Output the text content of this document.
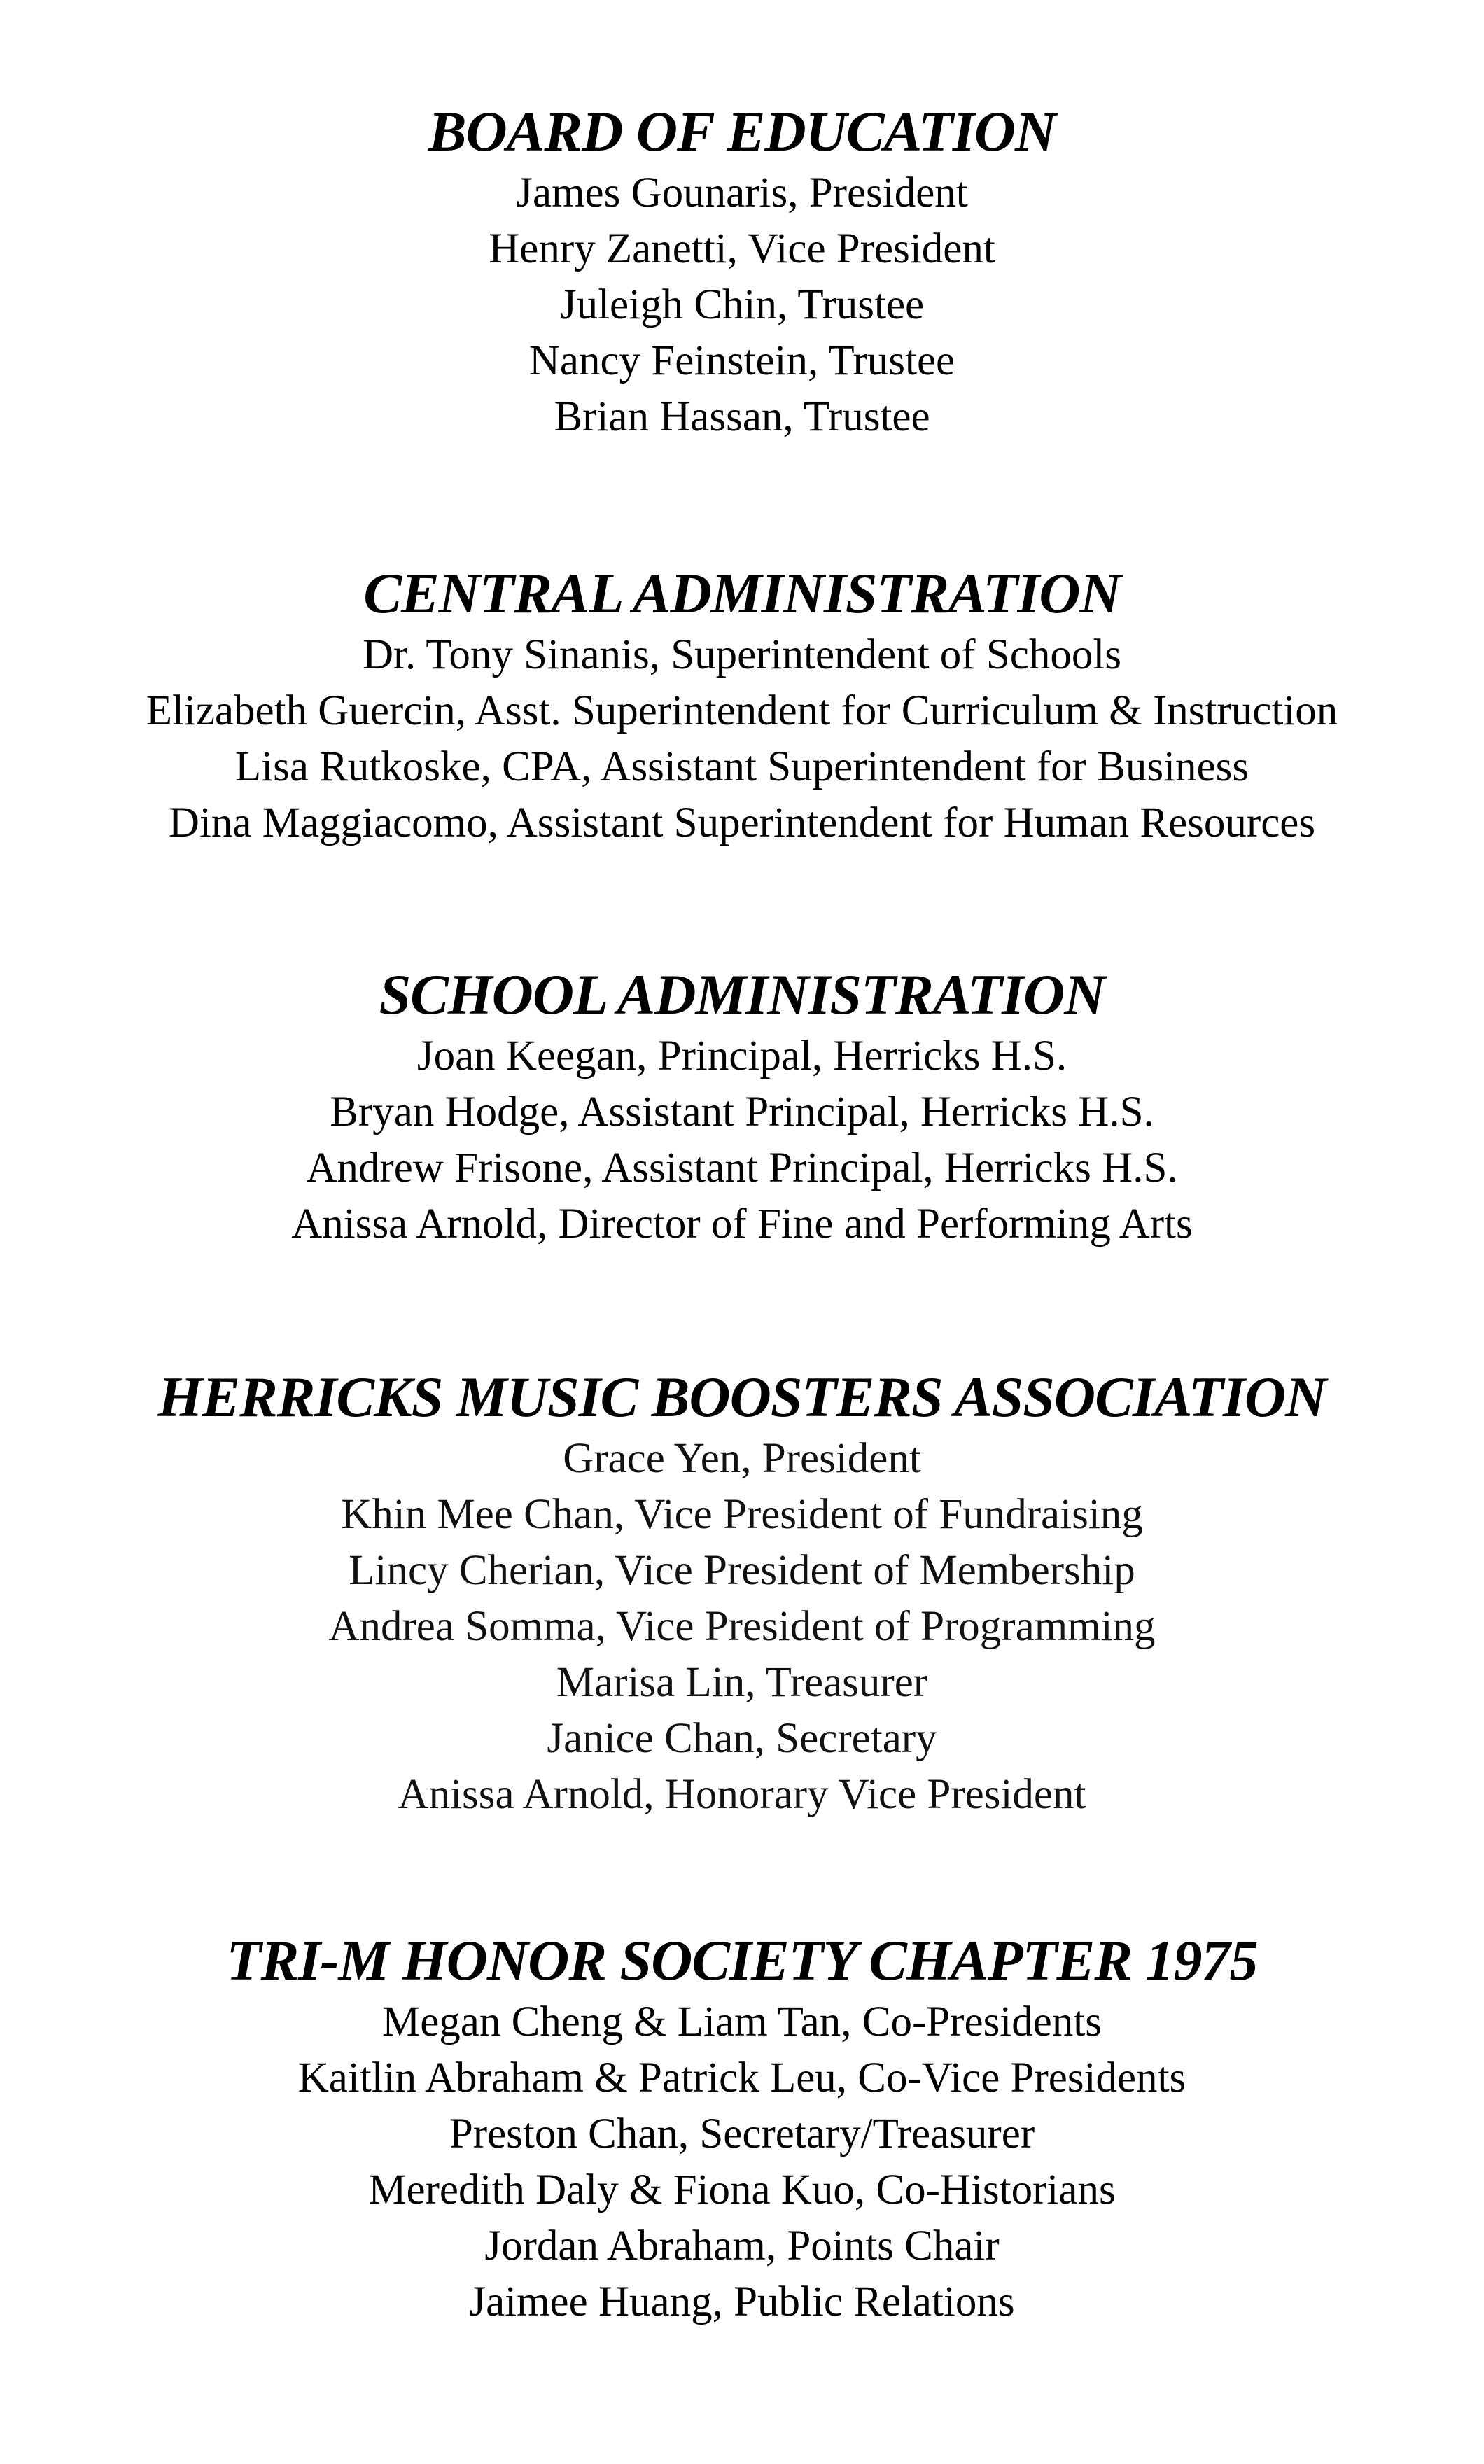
BOARD OF EDUCATION
James Gounaris, President
Henry Zanetti, Vice President
Juleigh Chin, Trustee
Nancy Feinstein, Trustee
Brian Hassan, Trustee
CENTRAL ADMINISTRATION
Dr. Tony Sinanis, Superintendent of Schools
Elizabeth Guercin, Asst. Superintendent for Curriculum & Instruction
Lisa Rutkoske, CPA, Assistant Superintendent for Business
Dina Maggiacomo, Assistant Superintendent for Human Resources
SCHOOL ADMINISTRATION
Joan Keegan, Principal, Herricks H.S.
Bryan Hodge, Assistant Principal, Herricks H.S.
Andrew Frisone, Assistant Principal, Herricks H.S.
Anissa Arnold, Director of Fine and Performing Arts
HERRICKS MUSIC BOOSTERS ASSOCIATION
Grace Yen, President
Khin Mee Chan, Vice President of Fundraising
Lincy Cherian, Vice President of Membership
Andrea Somma, Vice President of Programming
Marisa Lin, Treasurer
Janice Chan, Secretary
Anissa Arnold, Honorary Vice President
TRI-M HONOR SOCIETY CHAPTER 1975
Megan Cheng & Liam Tan, Co-Presidents
Kaitlin Abraham & Patrick Leu, Co-Vice Presidents
Preston Chan, Secretary/Treasurer
Meredith Daly & Fiona Kuo, Co-Historians
Jordan Abraham, Points Chair
Jaimee Huang, Public Relations
